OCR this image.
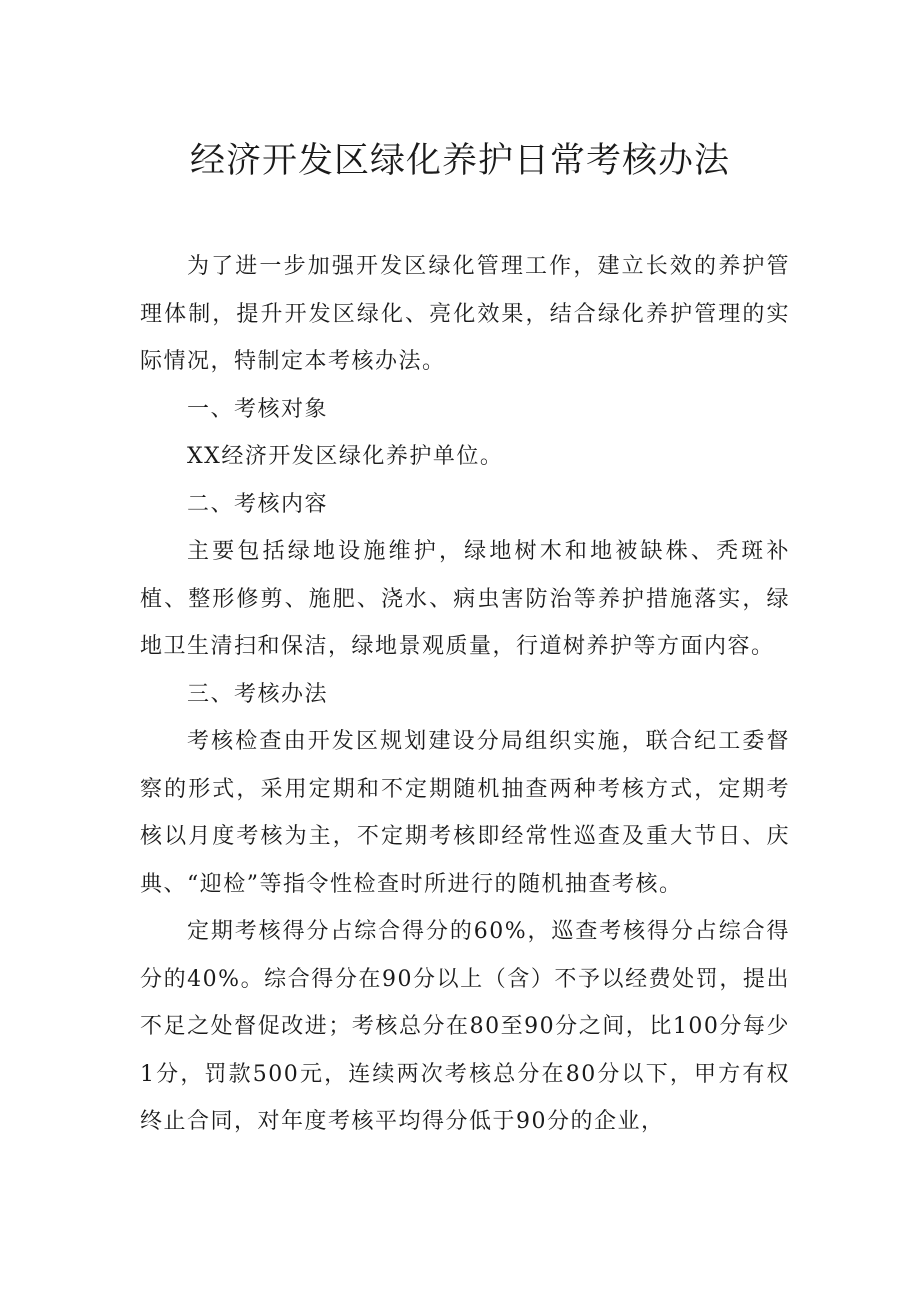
经济开发区绿化养护日常考核办法

为了进一步加强开发区绿化管理工作，建立长效的养护管理体制，提升开发区绿化、亮化效果，结合绿化养护管理的实际情况，特制定本考核办法。

一、考核对象

XX经济开发区绿化养护单位。

二、考核内容

主要包括绿地设施维护，绿地树木和地被缺株、秃斑补植、整形修剪、施肥、浇水、病虫害防治等养护措施落实，绿地卫生清扫和保洁，绿地景观质量，行道树养护等方面内容。

三、考核办法

考核检查由开发区规划建设分局组织实施，联合纪工委督察的形式，采用定期和不定期随机抽查两种考核方式，定期考核以月度考核为主，不定期考核即经常性巡查及重大节日、庆典、“迎检”等指令性检查时所进行的随机抽查考核。

定期考核得分占综合得分的60%，巡查考核得分占综合得分的40%。综合得分在90分以上（含）不予以经费处罚，提出不足之处督促改进；考核总分在80至90分之间，比100分每少1分，罚款500元，连续两次考核总分在80分以下，甲方有权终止合同，对年度考核平均得分低于90分的企业，
